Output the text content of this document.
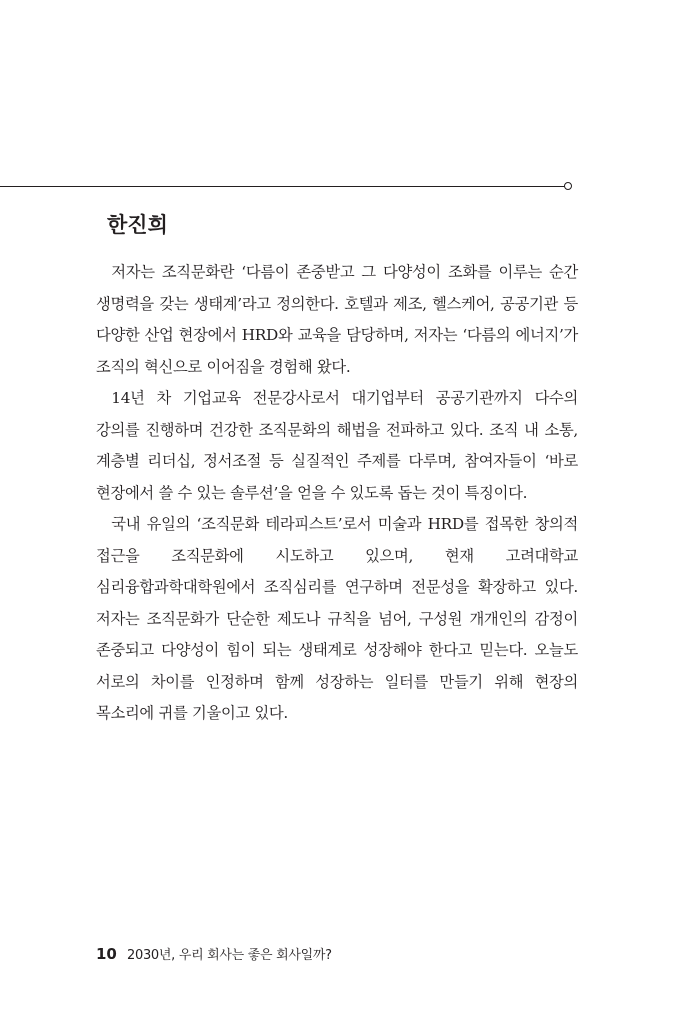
한진희

저자는 조직문화란 ‘다름이 존중받고 그 다양성이 조화를 이루는 순간 생명력을 갖는 생태계’라고 정의한다. 호텔과 제조, 헬스케어, 공공기관 등 다양한 산업 현장에서 HRD와 교육을 담당하며, 저자는 ‘다름의 에너지’가 조직의 혁신으로 이어짐을 경험해 왔다.

14년 차 기업교육 전문강사로서 대기업부터 공공기관까지 다수의 강의를 진행하며 건강한 조직문화의 해법을 전파하고 있다. 조직 내 소통, 계층별 리더십, 정서조절 등 실질적인 주제를 다루며, 참여자들이 ‘바로 현장에서 쓸 수 있는 솔루션’을 얻을 수 있도록 돕는 것이 특징이다.

국내 유일의 ‘조직문화 테라피스트’로서 미술과 HRD를 접목한 창의적 접근을 조직문화에 시도하고 있으며, 현재 고려대학교 심리융합과학대학원에서 조직심리를 연구하며 전문성을 확장하고 있다. 저자는 조직문화가 단순한 제도나 규칙을 넘어, 구성원 개개인의 감정이 존중되고 다양성이 힘이 되는 생태계로 성장해야 한다고 믿는다. 오늘도 서로의 차이를 인정하며 함께 성장하는 일터를 만들기 위해 현장의 목소리에 귀를 기울이고 있다.

10 2030년, 우리 회사는 좋은 회사일까?
